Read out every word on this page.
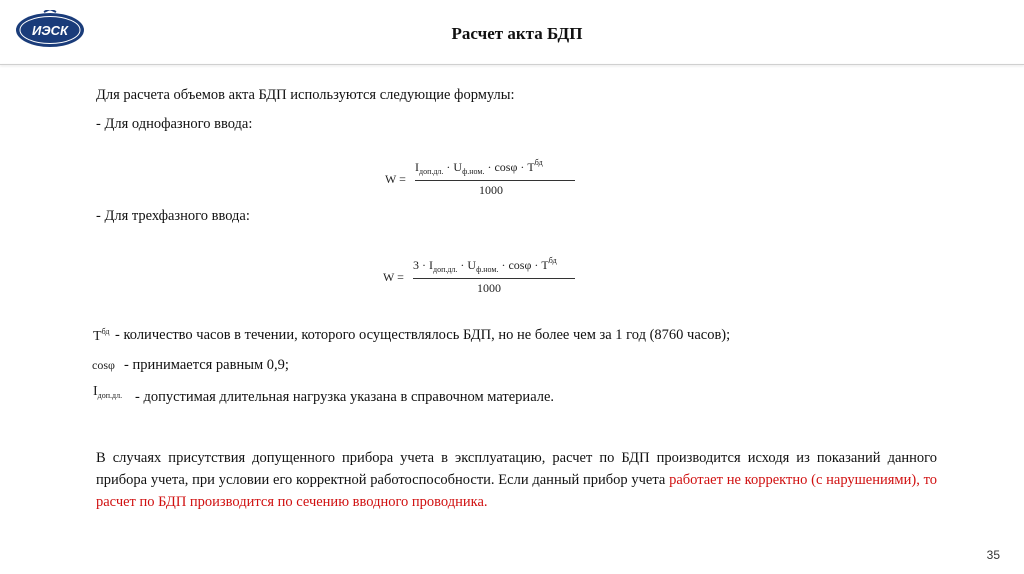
ИЭСК	Расчет акта БДП
Для расчета объемов акта БДП используются следующие формулы:
- Для однофазного ввода:
W =
$I_{доп.дл.} \cdot U_{ф.ном.} \cdot \cos\varphi \cdot T^{бд}$
1000
- Для трехфазного ввода:
W =
$3 \cdot I_{доп.дл.} \cdot U_{ф.ном.} \cdot \cos\varphi \cdot T^{бд}$
1000
$T^{бд}$ - количество часов в течении, которого осуществлялось БДП, но не более чем за 1 год (8760 часов);
cosφ - принимается равным 0,9;
$I_{доп.дл.}$ - допустимая длительная нагрузка указана в справочном материале.
В случаях присутствия допущенного прибора учета в эксплуатацию, расчет по БДП производится исходя из показаний данного прибора учета, при условии его корректной работоспособности. Если данный прибор учета работает не корректно (с нарушениями), то расчет по БДП производится по сечению вводного проводника.
35
